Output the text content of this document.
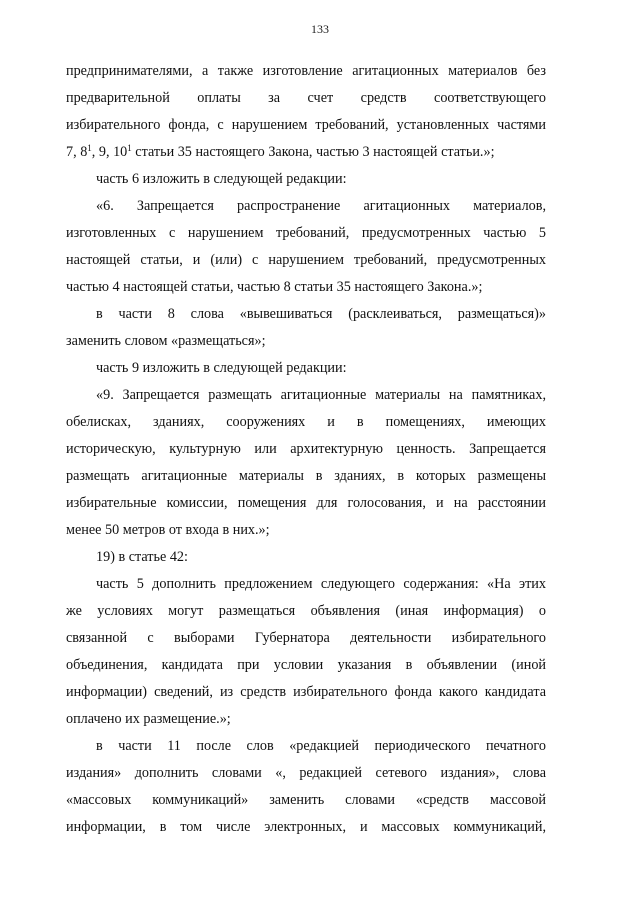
133
предпринимателями, а также изготовление агитационных материалов без
предварительной оплаты за счет средств соответствующего
избирательного фонда, с нарушением требований, установленных частями
7, $8^1$, 9, $10^1$ статьи 35 настоящего Закона, частью 3 настоящей статьи.»;
часть 6 изложить в следующей редакции:
«6. Запрещается распространение агитационных материалов,
изготовленных с нарушением требований, предусмотренных частью 5
настоящей статьи, и (или) с нарушением требований, предусмотренных
частью 4 настоящей статьи, частью 8 статьи 35 настоящего Закона.»;
в части 8 слова «вывешиваться (расклеиваться, размещаться)»
заменить словом «размещаться»;
часть 9 изложить в следующей редакции:
«9. Запрещается размещать агитационные материалы на памятниках,
обелисках, зданиях, сооружениях и в помещениях, имеющих
историческую, культурную или архитектурную ценность. Запрещается
размещать агитационные материалы в зданиях, в которых размещены
избирательные комиссии, помещения для голосования, и на расстоянии
менее 50 метров от входа в них.»;
19) в статье 42:
часть 5 дополнить предложением следующего содержания: «На этих
же условиях могут размещаться объявления (иная информация) о
связанной с выборами Губернатора деятельности избирательного
объединения, кандидата при условии указания в объявлении (иной
информации) сведений, из средств избирательного фонда какого кандидата
оплачено их размещение.»;
в части 11 после слов «редакцией периодического печатного
издания» дополнить словами «, редакцией сетевого издания», слова
«массовых коммуникаций» заменить словами «средств массовой
информации, в том числе электронных, и массовых коммуникаций,
